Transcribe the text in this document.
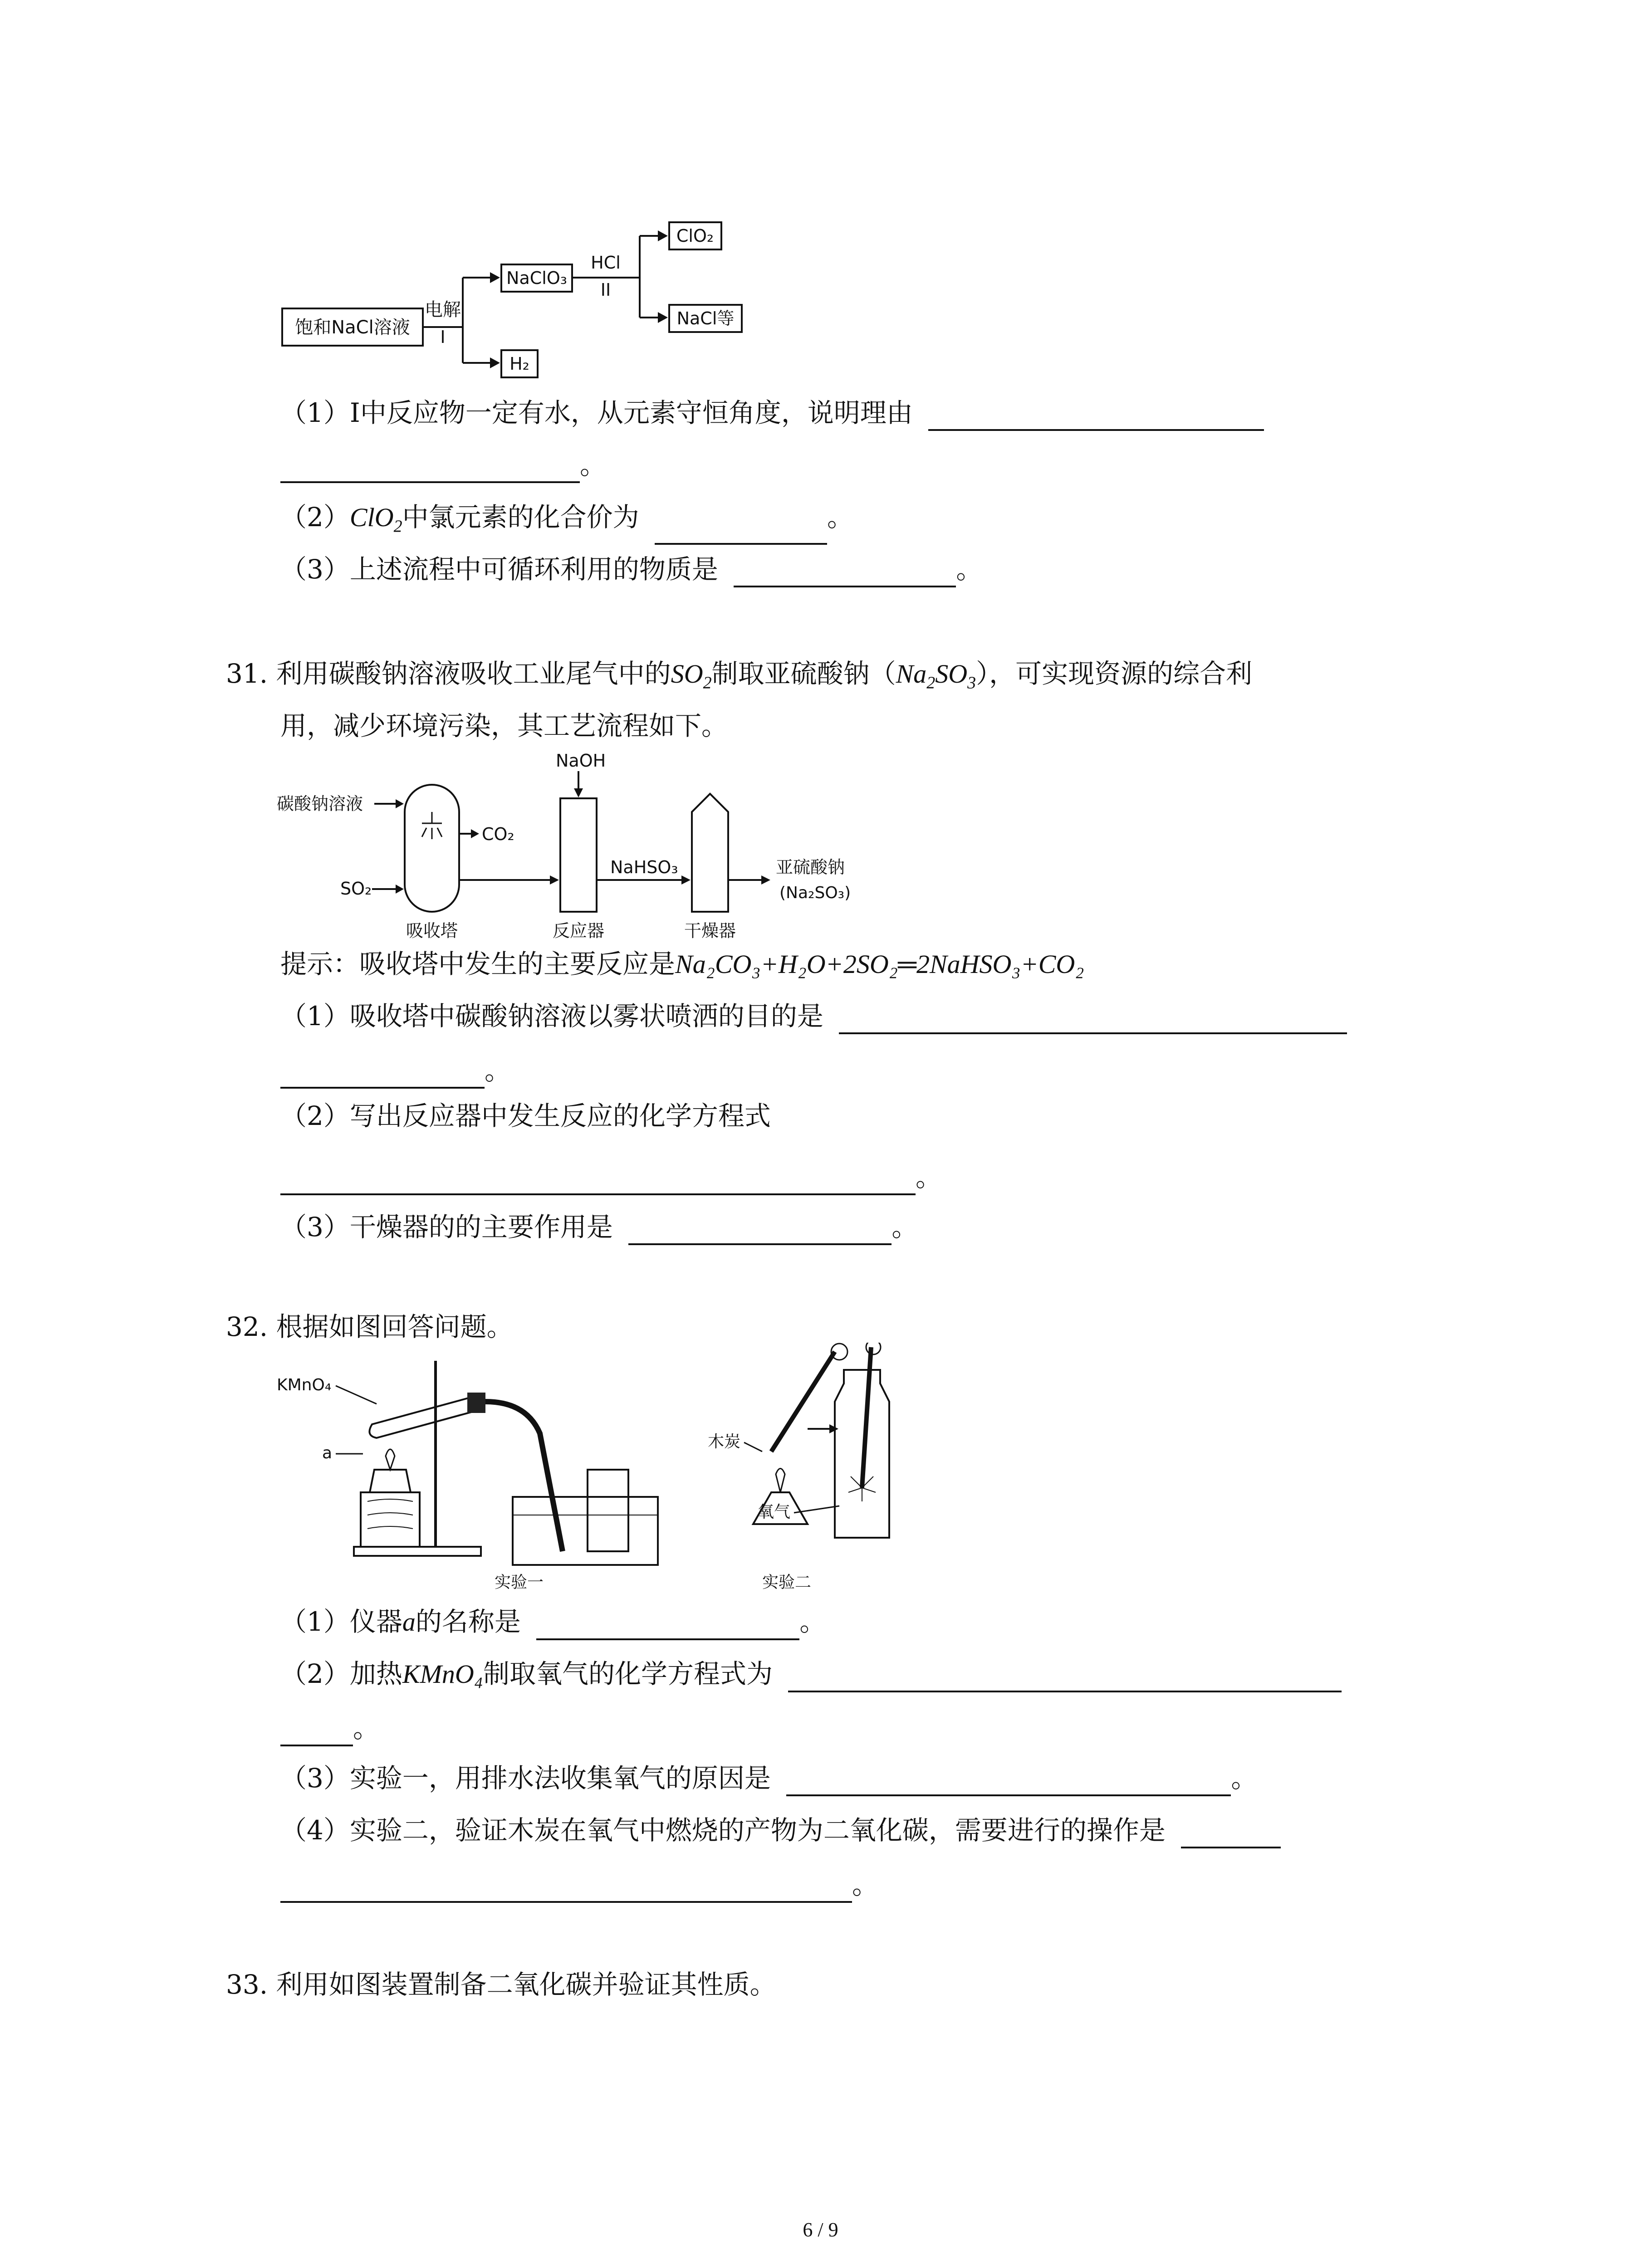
饱和NaCl溶液
电解
I
NaClO₃
H₂
HCl
II
ClO₂
NaCl等
（1）Ⅰ中反应物一定有水，从元素守恒角度，说明理由
。
（2）ClO$_2$中氯元素的化合价为	。
（3）上述流程中可循环利用的物质是	。
31. 利用碳酸钠溶液吸收工业尾气中的$SO_2$制取亚硫酸钠$(Na_2SO_3)$，可实现资源的综合利
用，减少环境污染，其工艺流程如下。
碳酸钠溶液
SO₂
CO₂
NaOH
NaHSO₃	亚硫酸钠
(Na₂SO₃)
吸收塔	反应器	干燥器
提示：吸收塔中发生的主要反应是Na₂CO₃+H₂O+2SO₂═2NaHSO₃+CO₂
（1）吸收塔中碳酸钠溶液以雾状喷洒的目的是
。
（2）写出反应器中发生反应的化学方程式
。
（3）干燥器的的主要作用是	。
32. 根据如图回答问题。
KMnO₄
a
实验一
木炭
氧气
实验二
（1）仪器a的名称是	。
（2）加热KMnO₄制取氧气的化学方程式为
。
（3）实验一，用排水法收集氧气的原因是	。
（4）实验二，验证木炭在氧气中燃烧的产物为二氧化碳，需要进行的操作是
。
33. 利用如图装置制备二氧化碳并验证其性质。
6 / 9
